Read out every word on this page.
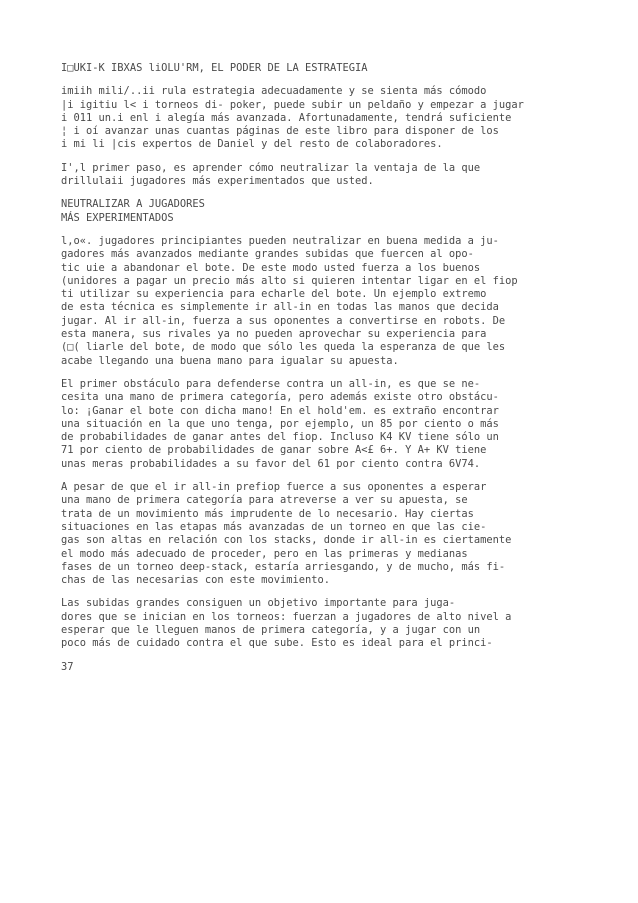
I□UKI-K IBXAS liOLU'RM, EL PODER DE LA ESTRATEGIA
imiih mili/..ii rula estrategia adecuadamente y se sienta más cómodo
|i igitiu l< i torneos di- poker, puede subir un peldaño y empezar a jugar
i 011 un.i enl i alegía más avanzada. Afortunadamente, tendrá suficiente
¦ i oí avanzar unas cuantas páginas de este libro para disponer de los
i mi li |cis expertos de Daniel y del resto de colaboradores.
I',l primer paso, es aprender cómo neutralizar la ventaja de la que
drillulaii jugadores más experimentados que usted.
NEUTRALIZAR A JUGADORES
MÁS EXPERIMENTADOS
l,o«. jugadores principiantes pueden neutralizar en buena medida a ju-
gadores más avanzados mediante grandes subidas que fuercen al opo-
tic uie a abandonar el bote. De este modo usted fuerza a los buenos
(unidores a pagar un precio más alto si quieren intentar ligar en el fiop
ti utilizar su experiencia para echarle del bote. Un ejemplo extremo
de esta técnica es simplemente ir all-in en todas las manos que decida
jugar. Al ir all-in, fuerza a sus oponentes a convertirse en robots. De
esta manera, sus rivales ya no pueden aprovechar su experiencia para
(□( liarle del bote, de modo que sólo les queda la esperanza de que les
acabe llegando una buena mano para igualar su apuesta.
El primer obstáculo para defenderse contra un all-in, es que se ne-
cesita una mano de primera categoría, pero además existe otro obstácu-
lo: ¡Ganar el bote con dicha mano! En el hold'em. es extraño encontrar
una situación en la que uno tenga, por ejemplo, un 85 por ciento o más
de probabilidades de ganar antes del fiop. Incluso K4 KV tiene sólo un
71 por ciento de probabilidades de ganar sobre A<£ 6+. Y A+ KV tiene
unas meras probabilidades a su favor del 61 por ciento contra 6V74.
A pesar de que el ir all-in prefiop fuerce a sus oponentes a esperar
una mano de primera categoría para atreverse a ver su apuesta, se
trata de un movimiento más imprudente de lo necesario. Hay ciertas
situaciones en las etapas más avanzadas de un torneo en que las cie-
gas son altas en relación con los stacks, donde ir all-in es ciertamente
el modo más adecuado de proceder, pero en las primeras y medianas
fases de un torneo deep-stack, estaría arriesgando, y de mucho, más fi-
chas de las necesarias con este movimiento.
Las subidas grandes consiguen un objetivo importante para juga-
dores que se inician en los torneos: fuerzan a jugadores de alto nivel a
esperar que le lleguen manos de primera categoría, y a jugar con un
poco más de cuidado contra el que sube. Esto es ideal para el princi-
37
